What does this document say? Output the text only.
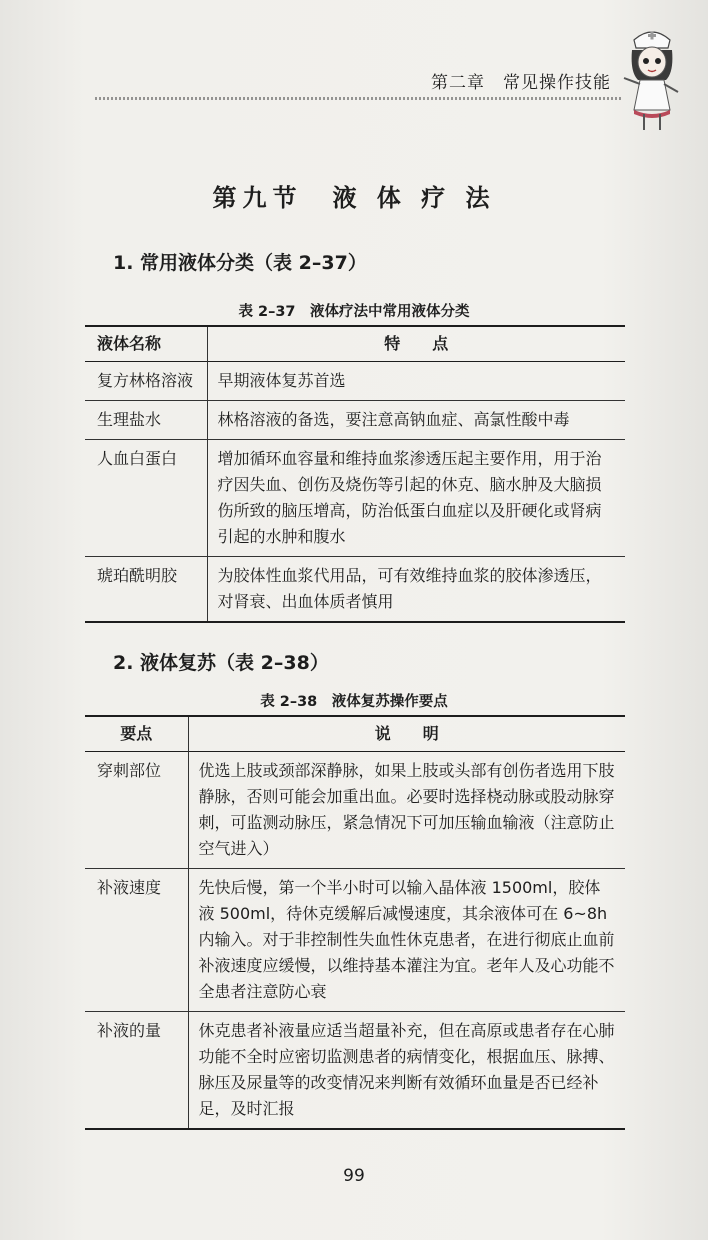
第二章　常见操作技能
第九节　液 体 疗 法
1. 常用液体分类（表 2–37）
表 2–37　液体疗法中常用液体分类
液体名称	特　　点
复方林格溶液	早期液体复苏首选
生理盐水	林格溶液的备选，要注意高钠血症、高氯性酸中毒
人血白蛋白	增加循环血容量和维持血浆渗透压起主要作用，用于治疗因失血、创伤及烧伤等引起的休克、脑水肿及大脑损伤所致的脑压增高，防治低蛋白血症以及肝硬化或肾病引起的水肿和腹水
琥珀酰明胶	为胶体性血浆代用品，可有效维持血浆的胶体渗透压，对肾衰、出血体质者慎用
2. 液体复苏（表 2–38）
表 2–38　液体复苏操作要点
要点	说　　明
穿刺部位	优选上肢或颈部深静脉，如果上肢或头部有创伤者选用下肢静脉，否则可能会加重出血。必要时选择桡动脉或股动脉穿刺，可监测动脉压，紧急情况下可加压输血输液（注意防止空气进入）
补液速度	先快后慢，第一个半小时可以输入晶体液 1500ml，胶体液 500ml，待休克缓解后减慢速度，其余液体可在 6~8h内输入。对于非控制性失血性休克患者，在进行彻底止血前补液速度应缓慢，以维持基本灌注为宜。老年人及心功能不全患者注意防心衰
补液的量	休克患者补液量应适当超量补充，但在高原或患者存在心肺功能不全时应密切监测患者的病情变化，根据血压、脉搏、脉压及尿量等的改变情况来判断有效循环血量是否已经补足，及时汇报
99
